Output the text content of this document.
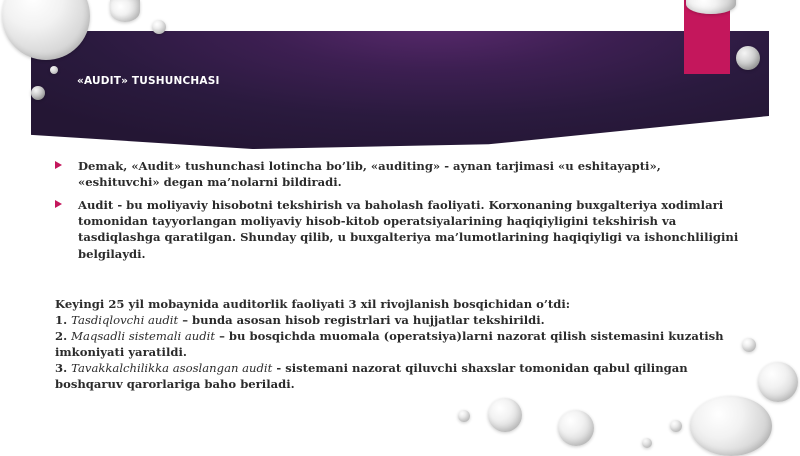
«AUDIT» TUSHUNCHASI
Demak, «Audit» tushunchasi lotincha bo’lib, «auditing» - aynan tarjimasi «u eshitayapti», «eshituvchi» degan ma’nolarni bildiradi.
Audit - bu moliyaviy hisobotni tekshirish va baholash faoliyati. Korxonaning buxgalteriya xodimlari tomonidan tayyorlangan moliyaviy hisob-kitob operatsiyalarining haqiqiyligini tekshirish va tasdiqlashga qaratilgan. Shunday qilib, u buxgalteriya ma’lumotlarining haqiqiyligi va ishonchliligini belgilaydi.
Keyingi 25 yil mobaynida auditorlik faoliyati 3 xil rivojlanish bosqichidan o’tdi:
1. Tasdiqlovchi audit – bunda asosan hisob registrlari va hujjatlar tekshirildi.
2. Maqsadli sistemali audit – bu bosqichda muomala (operatsiya)larni nazorat qilish sistemasini kuzatish imkoniyati yaratildi.
3. Tavakkalchilikka asoslangan audit - sistemani nazorat qiluvchi shaxslar tomonidan qabul qilingan boshqaruv qarorlariga baho beriladi.
